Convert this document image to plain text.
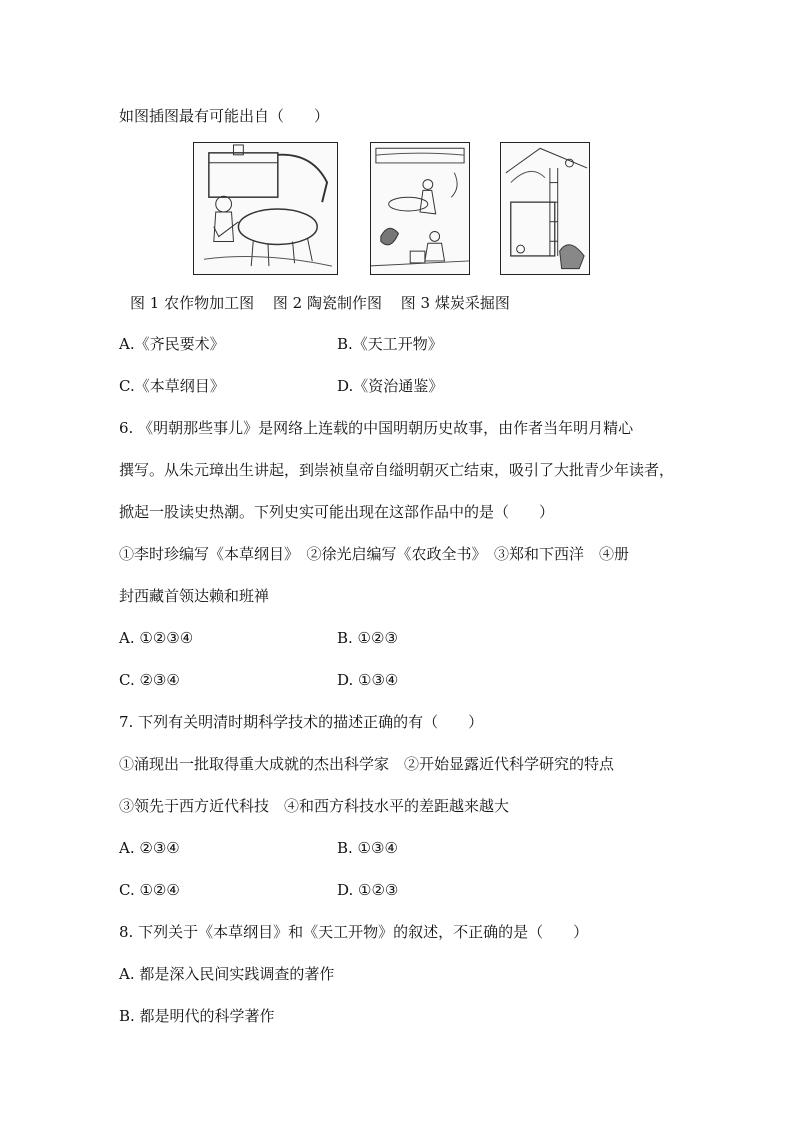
如图插图最有可能出自（　　）
图 1 农作物加工图 图 2 陶瓷制作图 图 3 煤炭采掘图
A.《齐民要术》	B.《天工开物》
C.《本草纲目》	D.《资治通鉴》
6. 《明朝那些事儿》是网络上连载的中国明朝历史故事，由作者当年明月精心
撰写。从朱元璋出生讲起，到崇祯皇帝自缢明朝灭亡结束，吸引了大批青少年读者，
掀起一股读史热潮。下列史实可能出现在这部作品中的是（　　）
①李时珍编写《本草纲目》　②徐光启编写《农政全书》　③郑和下西洋　④册
封西藏首领达赖和班禅
A. ①②③④	B. ①②③
C. ②③④	D. ①③④
7. 下列有关明清时期科学技术的描述正确的有（　　）
①涌现出一批取得重大成就的杰出科学家　②开始显露近代科学研究的特点
③领先于西方近代科技　④和西方科技水平的差距越来越大
A. ②③④	B. ①③④
C. ①②④	D. ①②③
8. 下列关于《本草纲目》和《天工开物》的叙述，不正确的是（　　）
A. 都是深入民间实践调查的著作
B. 都是明代的科学著作
